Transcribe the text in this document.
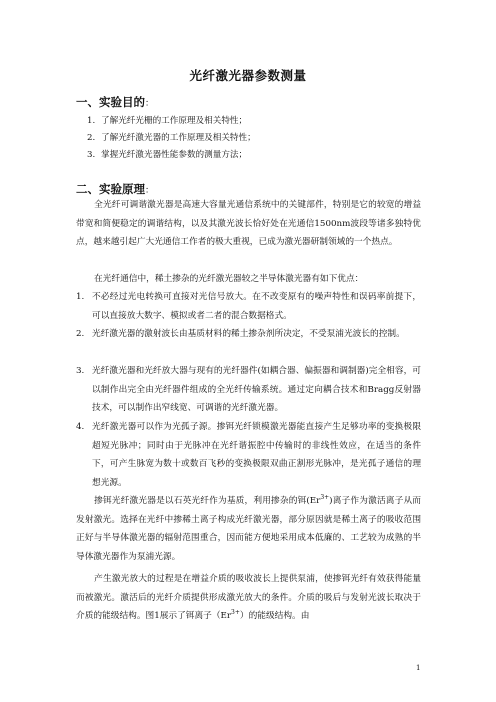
光纤激光器参数测量
一、实验目的：
1. 了解光纤光栅的工作原理及相关特性；
2. 了解光纤激光器的工作原理及相关特性；
3. 掌握光纤激光器性能参数的测量方法；
二、实验原理：
全光纤可调谐激光器是高速大容量光通信系统中的关键部件，特别是它的较宽的增益带宽和简便稳定的调谐结构，以及其激光波长恰好处在光通信1500nm波段等诸多独特优点，越来越引起广大光通信工作者的极大重视，已成为激光器研制领域的一个热点。
在光纤通信中，稀土掺杂的光纤激光器较之半导体激光器有如下优点：
1. 不必经过光电转换可直接对光信号放大。在不改变原有的噪声特性和误码率前提下，可以直接放大数字、模拟或者二者的混合数据格式。
2. 光纤激光器的激射波长由基质材料的稀土掺杂剂所决定，不受泵浦光波长的控制。
3. 光纤激光器和光纤放大器与现有的光纤器件(如耦合器、偏振器和调制器)完全相容，可以制作出完全由光纤器件组成的全光纤传输系统。通过定向耦合技术和Bragg反射器技术，可以制作出窄线宽、可调谐的光纤激光器。
4. 光纤激光器可以作为光孤子源。掺铒光纤锁模激光器能直接产生足够功率的变换极限超短光脉冲；同时由于光脉冲在光纤谐振腔中传输时的非线性效应，在适当的条件下，可产生脉宽为数十或数百飞秒的变换极限双曲正割形光脉冲，是光孤子通信的理想光源。
掺铒光纤激光器是以石英光纤作为基质，利用掺杂的铒$(Er^{3+})$离子作为激活离子从而发射激光。选择在光纤中掺稀土离子构成光纤激光器，部分原因就是稀土离子的吸收范围正好与半导体激光器的辐射范围重合，因而能方便地采用成本低廉的、工艺较为成熟的半导体激光器作为泵浦光源。
产生激光放大的过程是在增益介质的吸收波长上提供泵浦，使掺铒光纤有效获得能量而被激光。激活后的光纤介质提供形成激光放大的条件。介质的吸后与发射光波长取决于介质的能级结构。图1展示了铒离子$(Er^{3+})$的能级结构。由
1
